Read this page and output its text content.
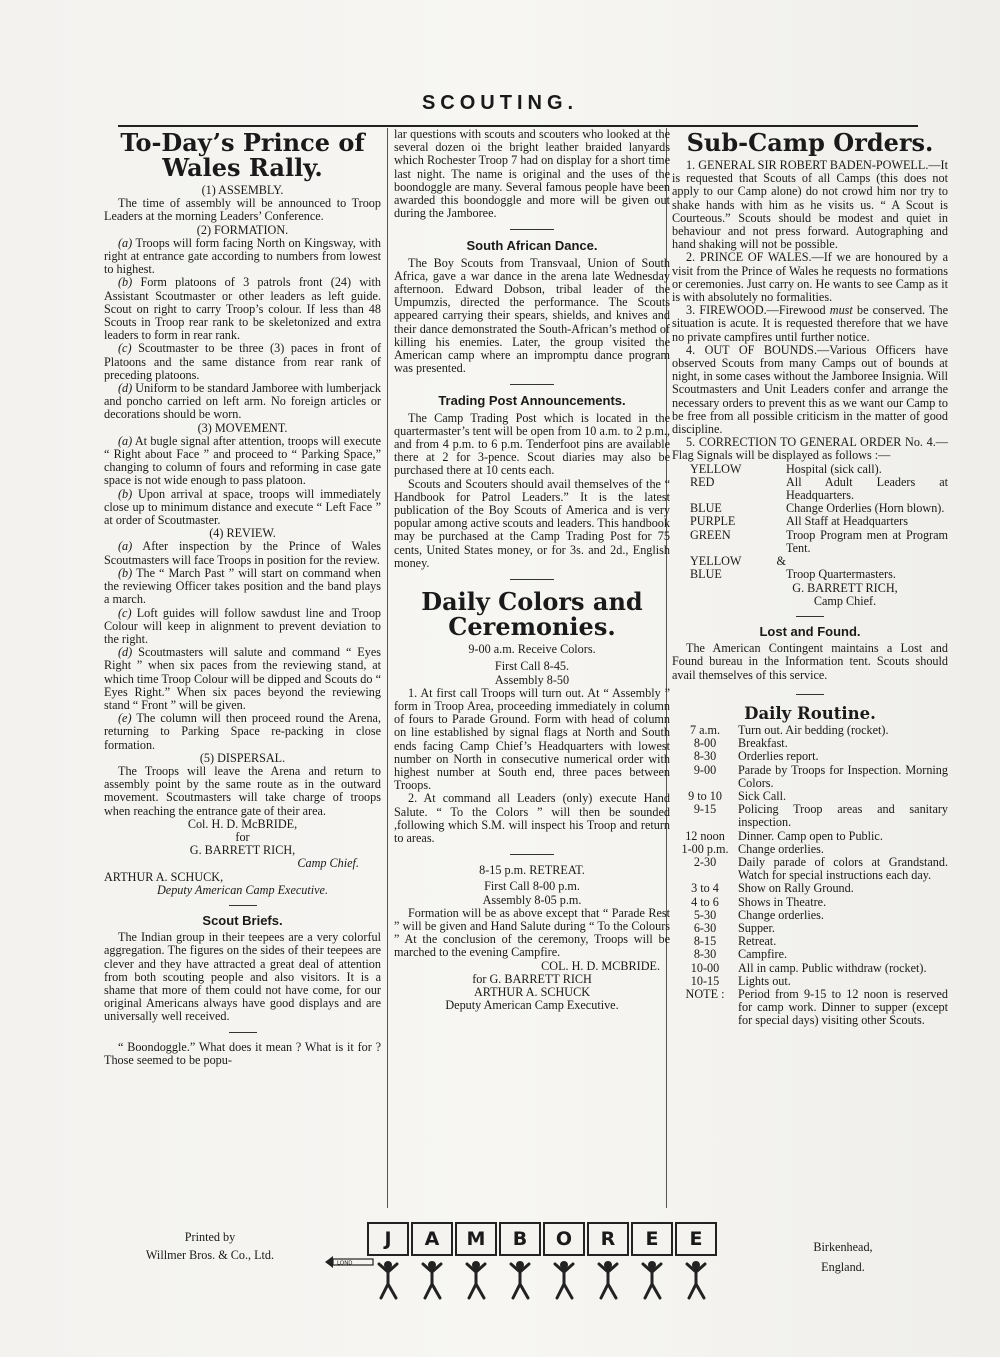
SCOUTING.
To-Day’s Prince of Wales Rally.

(1) ASSEMBLY.

The time of assembly will be announced to Troop Leaders at the morning Leaders’ Conference.

(2) FORMATION.

(a) Troops will form facing North on Kingsway, with right at entrance gate according to numbers from lowest to highest.

(b) Form platoons of 3 patrols front (24) with Assistant Scoutmaster or other leaders as left guide. Scout on right to carry Troop’s colour. If less than 48 Scouts in Troop rear rank to be skeletonized and extra leaders to form in rear rank.

(c) Scoutmaster to be three (3) paces in front of Platoons and the same distance from rear rank of preceding platoons.

(d) Uniform to be standard Jamboree with lumberjack and poncho carried on left arm. No foreign articles or decorations should be worn.

(3) MOVEMENT.

(a) At bugle signal after attention, troops will execute “ Right about Face ” and proceed to “ Parking Space,” changing to column of fours and reforming in case gate space is not wide enough to pass platoon.

(b) Upon arrival at space, troops will immediately close up to minimum distance and execute “ Left Face ” at order of Scoutmaster.

(4) REVIEW.

(a) After inspection by the Prince of Wales Scoutmasters will face Troops in position for the review.

(b) The “ March Past ” will start on command when the reviewing Officer takes position and the band plays a march.

(c) Loft guides will follow sawdust line and Troop Colour will keep in alignment to prevent deviation to the right.

(d) Scoutmasters will salute and command “ Eyes Right ” when six paces from the reviewing stand, at which time Troop Colour will be dipped and Scouts do “ Eyes Right.” When six paces beyond the reviewing stand “ Front ” will be given.

(e) The column will then proceed round the Arena, returning to Parking Space re-packing in close formation.

(5) DISPERSAL.

The Troops will leave the Arena and return to assembly point by the same route as in the outward movement. Scoutmasters will take charge of troops when reaching the entrance gate of their area.

Col. H. D. McBRIDE,

for

G. BARRETT RICH,

Camp Chief.

ARTHUR A. SCHUCK,

Deputy American Camp Executive.

Scout Briefs.

The Indian group in their teepees are a very colorful aggregation. The figures on the sides of their teepees are clever and they have attracted a great deal of attention from both scouting people and also visitors. It is a shame that more of them could not have come, for our original Americans always have good displays and are universally well received.

“ Boondoggle.” What does it mean ? What is it for ? Those seemed to be popu-

lar questions with scouts and scouters who looked at the several dozen oi the bright leather braided lanyards which Rochester Troop 7 had on display for a short time last night. The name is original and the uses of the boondoggle are many. Several famous people have been awarded this boondoggle and more will be given out during the Jamboree.

South African Dance.

The Boy Scouts from Transvaal, Union of South Africa, gave a war dance in the arena late Wednesday afternoon. Edward Dobson, tribal leader of the Umpumzis, directed the performance. The Scouts appeared carrying their spears, shields, and knives and their dance demonstrated the South-African’s method of killing his enemies. Later, the group visited the American camp where an impromptu dance program was presented.

Trading Post Announcements.

The Camp Trading Post which is located in the quartermaster’s tent will be open from 10 a.m. to 2 p.m., and from 4 p.m. to 6 p.m. Tenderfoot pins are available there at 2 for 3-pence. Scout diaries may also be purchased there at 10 cents each.

Scouts and Scouters should avail themselves of the “ Handbook for Patrol Leaders.” It is the latest publication of the Boy Scouts of America and is very popular among active scouts and leaders. This handbook may be purchased at the Camp Trading Post for 75 cents, United States money, or for 3s. and 2d., English money.

Daily Colors and Ceremonies.

9-00 a.m. Receive Colors.

First Call 8-45.

Assembly 8-50

1. At first call Troops will turn out. At “ Assembly ” form in Troop Area, proceeding immediately in column of fours to Parade Ground. Form with head of column on line established by signal flags at North and South ends facing Camp Chief’s Headquarters with lowest number on North in consecutive numerical order with highest number at South end, three paces between Troops.

2. At command all Leaders (only) execute Hand Salute. “ To the Colors ” will then be sounded ,following which S.M. will inspect his Troop and return to areas.

8-15 p.m. RETREAT.

First Call 8-00 p.m.

Assembly 8-05 p.m.

Formation will be as above except that “ Parade Rest ” will be given and Hand Salute during “ To the Colours ” At the conclusion of the ceremony, Troops will be marched to the evening Campfire.

COL. H. D. MCBRIDE.

for G. BARRETT RICH

ARTHUR A. SCHUCK

Deputy American Camp Executive.

Sub-Camp Orders.

1. GENERAL SIR ROBERT BADEN-POWELL.—It is requested that Scouts of all Camps (this does not apply to our Camp alone) do not crowd him nor try to shake hands with him as he visits us. “ A Scout is Courteous.” Scouts should be modest and quiet in behaviour and not press forward. Autographing and hand shaking will not be possible.

2. PRINCE OF WALES.—If we are honoured by a visit from the Prince of Wales he requests no formations or ceremonies. Just carry on. He wants to see Camp as it is with absolutely no formalities.

3. FIREWOOD.—Firewood must be conserved. The situation is acute. It is requested therefore that we have no private campfires until further notice.

4. OUT OF BOUNDS.—Various Officers have observed Scouts from many Camps out of bounds at night, in some cases without the Jamboree Insignia. Will Scoutmasters and Unit Leaders confer and arrange the necessary orders to prevent this as we want our Camp to be free from all possible criticism in the matter of good discipline.

5. CORRECTION TO GENERAL ORDER No. 4.—Flag Signals will be displayed as follows :—

YELLOW	Hospital (sick call).
RED	All Adult Leaders at Headquarters.
BLUE	Change Orderlies (Horn blown).
PURPLE	All Staff at Headquarters
GREEN	Troop Program men at Program Tent.
YELLOW & BLUE	Troop Quartermasters.

G. BARRETT RICH,

Camp Chief.

Lost and Found.

The American Contingent maintains a Lost and Found bureau in the Information tent. Scouts should avail themselves of this service.

Daily Routine.
7 a.m.	Turn out. Air bedding (rocket).
8-00	Breakfast.
8-30	Orderlies report.
9-00	Parade by Troops for Inspection. Morning Colors.
9 to 10	Sick Call.
9-15	Policing Troop areas and sanitary inspection.
12 noon	Dinner. Camp open to Public.
1-00 p.m.	Change orderlies.
2-30	Daily parade of colors at Grandstand. Watch for special instructions each day.
3 to 4	Show on Rally Ground.
4 to 6	Shows in Theatre.
5-30	Change orderlies.
6-30	Supper.
8-15	Retreat.
8-30	Campfire.
10-00	All in camp. Public withdraw (rocket).
10-15	Lights out.
NOTE :	Period from 9-15 to 12 noon is reserved for camp work. Dinner to supper (except for special days) visiting other Scouts.
Printed by
Willmer Bros. & Co., Ltd.
LOND
J	A	M	B	O	R	E	E	Birkenhead,
England.
